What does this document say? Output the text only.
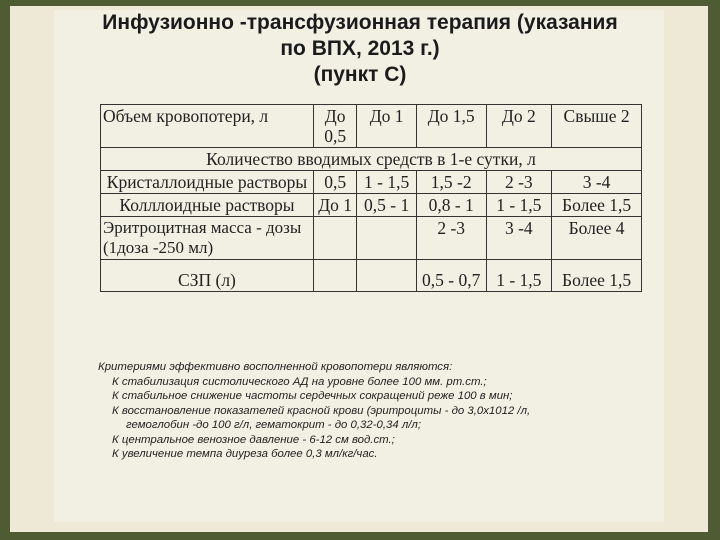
Инфузионно -трансфузионная терапия (указания
по ВПХ, 2013 г.)
(пункт С)
Объем кровопотери, л	До 0,5	До 1	До 1,5	До 2	Свыше 2
Количество вводимых средств в 1-е сутки, л					
Кристаллоидные растворы	0,5	1 - 1,5	1,5 -2	2 -3	3 -4
Колллоидные растворы	До 1	0,5 - 1	0,8 - 1	1 - 1,5	Более 1,5
Эритроцитная масса - дозы (1доза -250 мл)			2 -3	3 -4	Более 4
СЗП (л)			0,5 - 0,7	1 - 1,5	Более 1,5
Критериями эффективно восполненной кровопотери являются:
К стабилизация систолического АД на уровне более 100 мм. рт.ст.;
К стабильное снижение частоты сердечных сокращений реже 100 в мин;
К восстановление показателей красной крови (эритроциты - до 3,0х1012 /л,
гемоглобин -до 100 г/л, гематокрит - до 0,32-0,34 л/л;
К центральное венозное давление - 6-12 см вод.ст.;
К увеличение темпа диуреза более 0,3 мл/кг/час.
